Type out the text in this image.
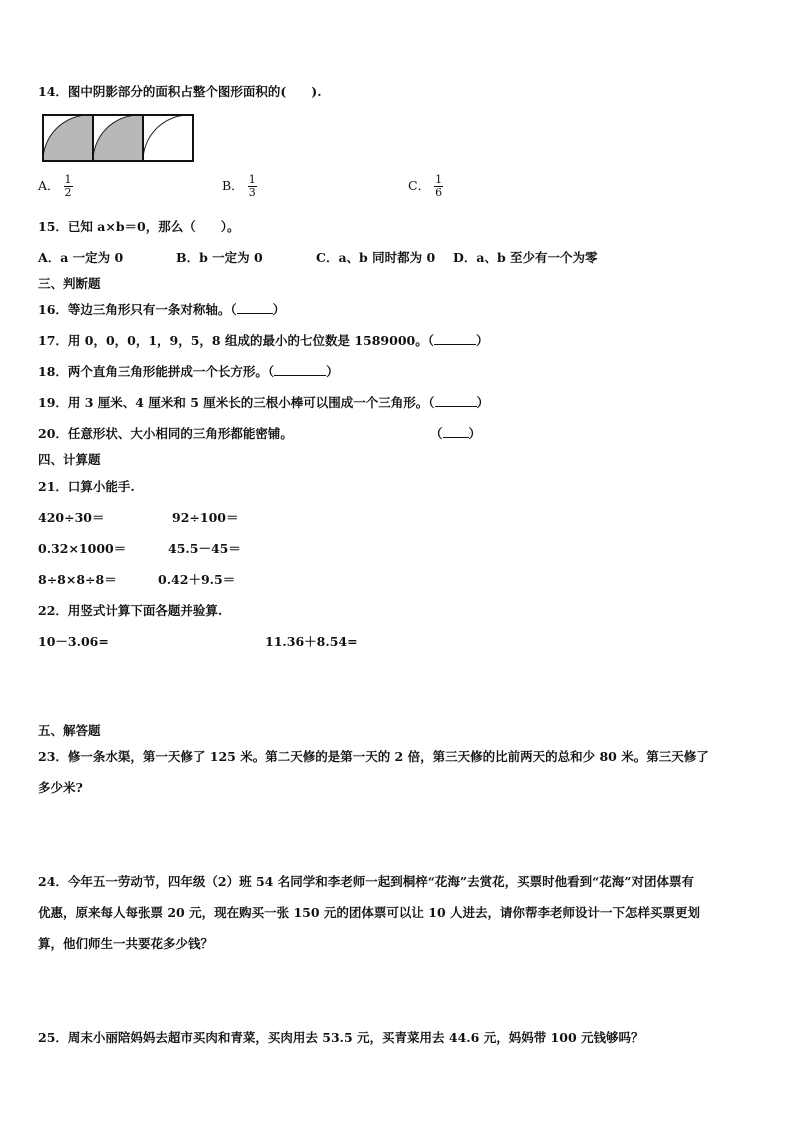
14．图中阴影部分的面积占整个图形面积的(　　).
A． $\frac{1}{2}$	B． $\frac{1}{3}$	C． $\frac{1}{6}$
15．已知 a×b＝0，那么（　　）。
A．a 一定为 0	B．b 一定为 0	C．a、b 同时都为 0 D．a、b 至少有一个为零
三、判断题
16．等边三角形只有一条对称轴。（	）
17．用 0，0，0，1，9，5，8 组成的最小的七位数是 1589000。（	）
18．两个直角三角形能拼成一个长方形。（	）
19．用 3 厘米、4 厘米和 5 厘米长的三根小棒可以围成一个三角形。（	）
20．任意形状、大小相同的三角形都能密铺。	（ ）
四、计算题
21．口算小能手.
420÷30＝	92÷100＝
0.32×1000＝	45.5－45＝
8÷8×8÷8＝	0.42＋9.5＝
22．用竖式计算下面各题并验算.
10－3.06=	11.36＋8.54=
五、解答题
23．修一条水渠，第一天修了 125 米。第二天修的是第一天的 2 倍，第三天修的比前两天的总和少 80 米。第三天修了
多少米?
24．今年五一劳动节，四年级（2）班 54 名同学和李老师一起到桐梓“花海”去赏花，买票时他看到“花海”对团体票有
优惠，原来每人每张票 20 元，现在购买一张 150 元的团体票可以让 10 人进去，请你帮李老师设计一下怎样买票更划
算，他们师生一共要花多少钱？
25．周末小丽陪妈妈去超市买肉和青菜，买肉用去 53.5 元，买青菜用去 44.6 元，妈妈带 100 元钱够吗？
